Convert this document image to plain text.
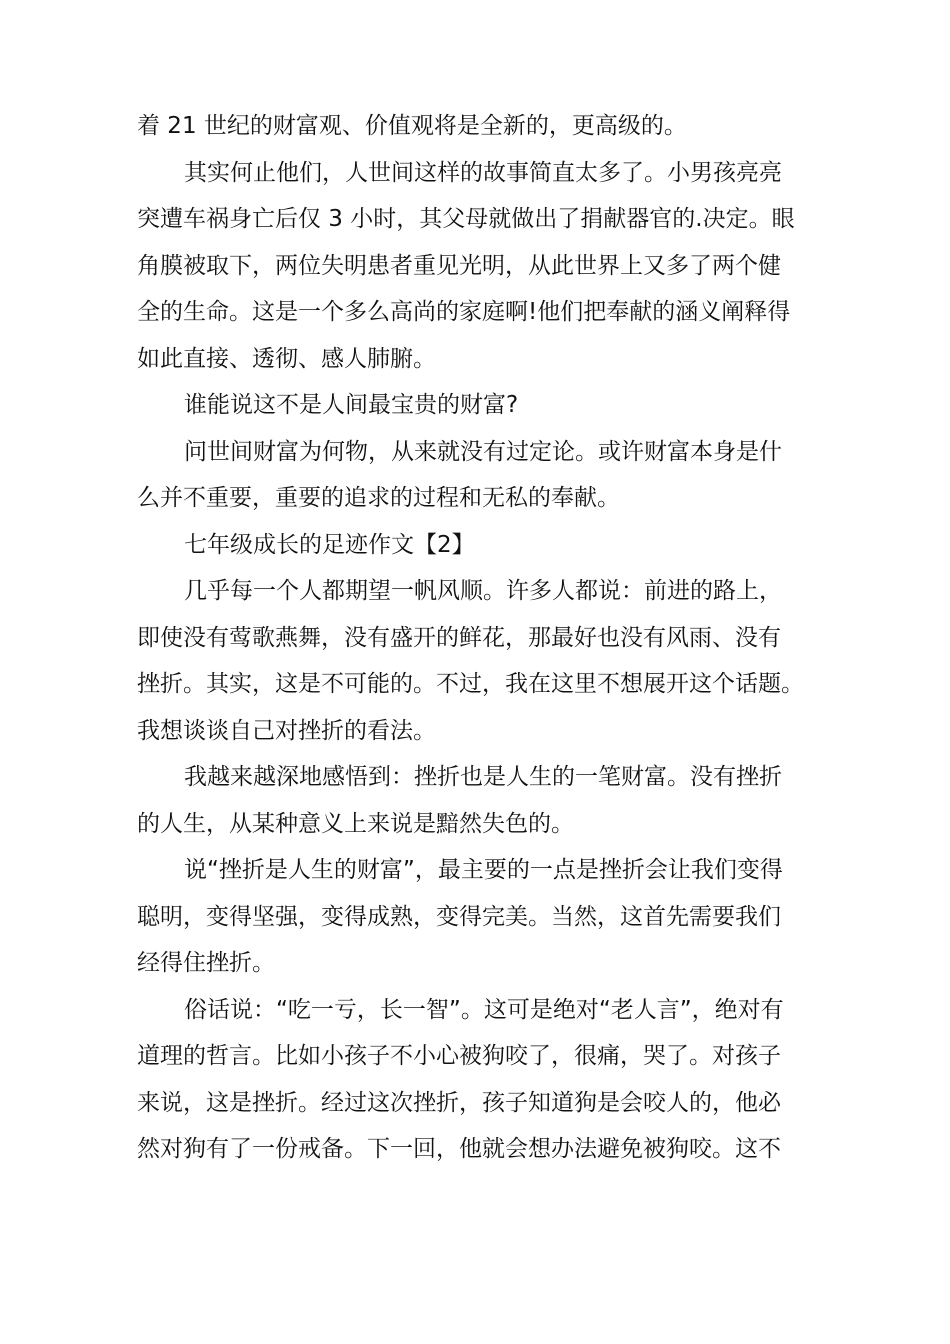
着 21 世纪的财富观、价值观将是全新的，更高级的。
其实何止他们，人世间这样的故事简直太多了。小男孩亮亮
突遭车祸身亡后仅 3 小时，其父母就做出了捐献器官的.决定。眼
角膜被取下，两位失明患者重见光明，从此世界上又多了两个健
全的生命。这是一个多么高尚的家庭啊!他们把奉献的涵义阐释得
如此直接、透彻、感人肺腑。
谁能说这不是人间最宝贵的财富?
问世间财富为何物，从来就没有过定论。或许财富本身是什
么并不重要，重要的追求的过程和无私的奉献。
七年级成长的足迹作文【2】
几乎每一个人都期望一帆风顺。许多人都说：前进的路上，
即使没有莺歌燕舞，没有盛开的鲜花，那最好也没有风雨、没有
挫折。其实，这是不可能的。不过，我在这里不想展开这个话题。
我想谈谈自己对挫折的看法。
我越来越深地感悟到：挫折也是人生的一笔财富。没有挫折
的人生，从某种意义上来说是黯然失色的。
说“挫折是人生的财富”，最主要的一点是挫折会让我们变得
聪明，变得坚强，变得成熟，变得完美。当然，这首先需要我们
经得住挫折。
俗话说：“吃一亏，长一智”。这可是绝对“老人言”，绝对有
道理的哲言。比如小孩子不小心被狗咬了，很痛，哭了。对孩子
来说，这是挫折。经过这次挫折，孩子知道狗是会咬人的，他必
然对狗有了一份戒备。下一回，他就会想办法避免被狗咬。这不
